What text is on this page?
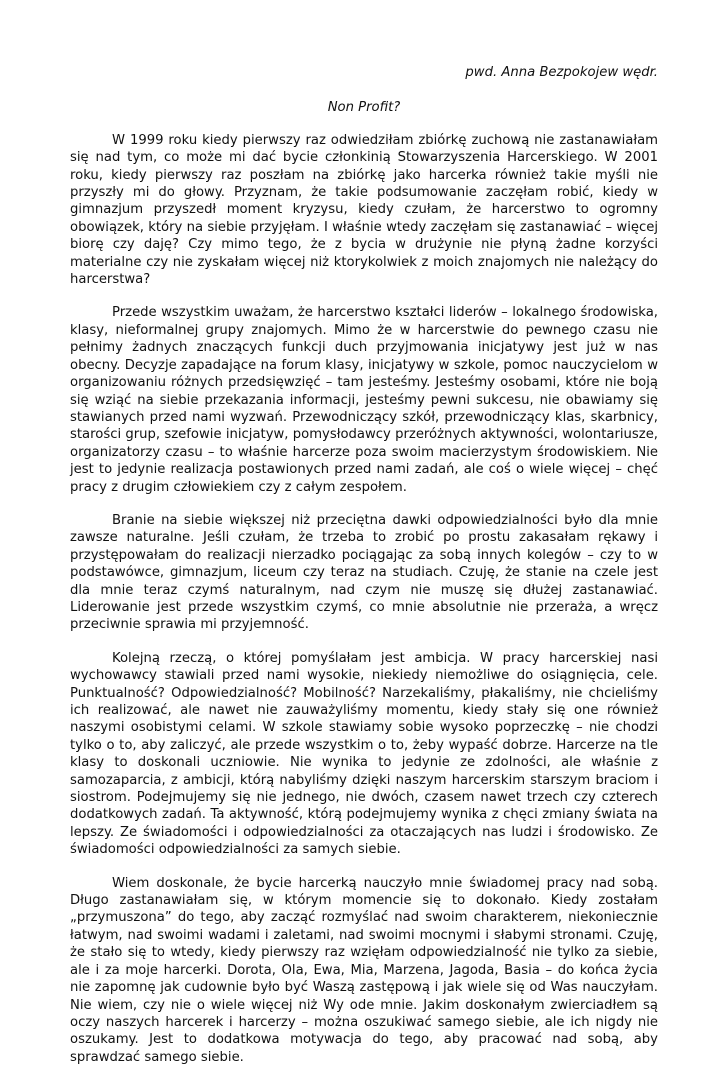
pwd. Anna Bezpokojew wędr.

Non Profit?

W 1999 roku kiedy pierwszy raz odwiedziłam zbiórkę zuchową nie zastanawiałam się nad tym, co może mi dać bycie członkinią Stowarzyszenia Harcerskiego. W 2001 roku, kiedy pierwszy raz poszłam na zbiórkę jako harcerka również takie myśli nie przyszły mi do głowy. Przyznam, że takie podsumowanie zaczęłam robić, kiedy w gimnazjum przyszedł moment kryzysu, kiedy czułam, że harcerstwo to ogromny obowiązek, który na siebie przyjęłam. I właśnie wtedy zaczęłam się zastanawiać – więcej biorę czy daję? Czy mimo tego, że z bycia w drużynie nie płyną żadne korzyści materialne czy nie zyskałam więcej niż ktorykolwiek z moich znajomych nie należący do harcerstwa?

Przede wszystkim uważam, że harcerstwo kształci liderów – lokalnego środowiska, klasy, nieformalnej grupy znajomych. Mimo że w harcerstwie do pewnego czasu nie pełnimy żadnych znaczących funkcji duch przyjmowania inicjatywy jest już w nas obecny. Decyzje zapadające na forum klasy, inicjatywy w szkole, pomoc nauczycielom w organizowaniu różnych przedsięwzięć – tam jesteśmy. Jesteśmy osobami, które nie boją się wziąć na siebie przekazania informacji, jesteśmy pewni sukcesu, nie obawiamy się stawianych przed nami wyzwań. Przewodniczący szkół, przewodniczący klas, skarbnicy, starości grup, szefowie inicjatyw, pomysłodawcy przeróżnych aktywności, wolontariusze, organizatorzy czasu – to właśnie harcerze poza swoim macierzystym środowiskiem. Nie jest to jedynie realizacja postawionych przed nami zadań, ale coś o wiele więcej – chęć pracy z drugim człowiekiem czy z całym zespołem.

Branie na siebie większej niż przeciętna dawki odpowiedzialności było dla mnie zawsze naturalne. Jeśli czułam, że trzeba to zrobić po prostu zakasałam rękawy i przystępowałam do realizacji nierzadko pociągając za sobą innych kolegów – czy to w podstawówce, gimnazjum, liceum czy teraz na studiach. Czuję, że stanie na czele jest dla mnie teraz czymś naturalnym, nad czym nie muszę się dłużej zastanawiać. Liderowanie jest przede wszystkim czymś, co mnie absolutnie nie przeraża, a wręcz przeciwnie sprawia mi przyjemność.

Kolejną rzeczą, o której pomyślałam jest ambicja. W pracy harcerskiej nasi wychowawcy stawiali przed nami wysokie, niekiedy niemożliwe do osiągnięcia, cele. Punktualność? Odpowiedzialność? Mobilność? Narzekaliśmy, płakaliśmy, nie chcieliśmy ich realizować, ale nawet nie zauważyliśmy momentu, kiedy stały się one również naszymi osobistymi celami. W szkole stawiamy sobie wysoko poprzeczkę – nie chodzi tylko o to, aby zaliczyć, ale przede wszystkim o to, żeby wypaść dobrze. Harcerze na tle klasy to doskonali uczniowie. Nie wynika to jedynie ze zdolności, ale właśnie z samozaparcia, z ambicji, którą nabyliśmy dzięki naszym harcerskim starszym braciom i siostrom. Podejmujemy się nie jednego, nie dwóch, czasem nawet trzech czy czterech dodatkowych zadań. Ta aktywność, którą podejmujemy wynika z chęci zmiany świata na lepszy. Ze świadomości i odpowiedzialności za otaczających nas ludzi i środowisko. Ze świadomości odpowiedzialności za samych siebie.

Wiem doskonale, że bycie harcerką nauczyło mnie świadomej pracy nad sobą. Długo zastanawiałam się, w którym momencie się to dokonało. Kiedy zostałam „przymuszona” do tego, aby zacząć rozmyślać nad swoim charakterem, niekoniecznie łatwym, nad swoimi wadami i zaletami, nad swoimi mocnymi i słabymi stronami. Czuję, że stało się to wtedy, kiedy pierwszy raz wzięłam odpowiedzialność nie tylko za siebie, ale i za moje harcerki. Dorota, Ola, Ewa, Mia, Marzena, Jagoda, Basia – do końca życia nie zapomnę jak cudownie było być Waszą zastępową i jak wiele się od Was nauczyłam. Nie wiem, czy nie o wiele więcej niż Wy ode mnie. Jakim doskonałym zwierciadłem są oczy naszych harcerek i harcerzy – można oszukiwać samego siebie, ale ich nigdy nie oszukamy. Jest to dodatkowa motywacja do tego, aby pracować nad sobą, aby sprawdzać samego siebie.
